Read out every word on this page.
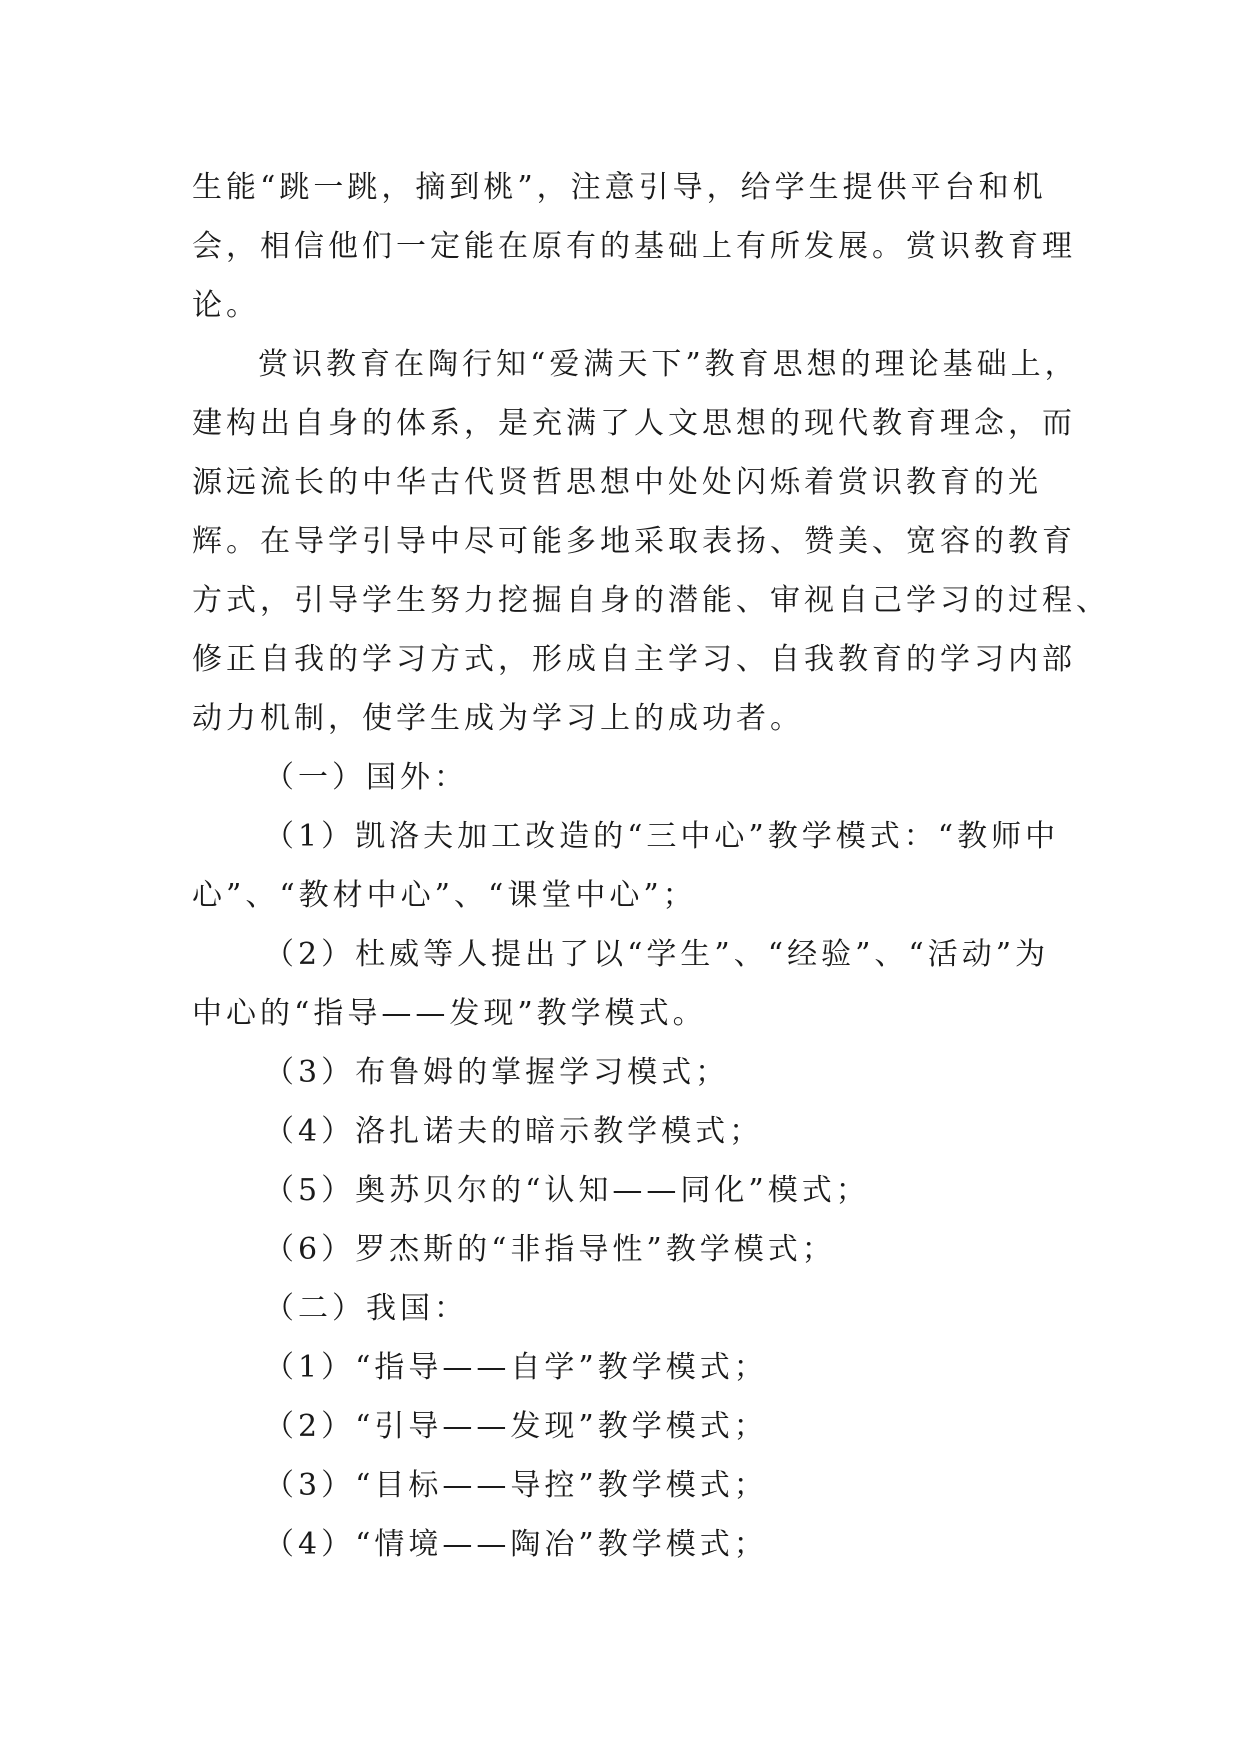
生能“跳一跳，摘到桃”，注意引导，给学生提供平台和机
会，相信他们一定能在原有的基础上有所发展。赏识教育理
论。
赏识教育在陶行知“爱满天下”教育思想的理论基础上，
建构出自身的体系，是充满了人文思想的现代教育理念，而
源远流长的中华古代贤哲思想中处处闪烁着赏识教育的光
辉。在导学引导中尽可能多地采取表扬、赞美、宽容的教育
方式，引导学生努力挖掘自身的潜能、审视自己学习的过程、
修正自我的学习方式，形成自主学习、自我教育的学习内部
动力机制，使学生成为学习上的成功者。
（一）国外：
（1）凯洛夫加工改造的“三中心”教学模式：“教师中
心”、“教材中心”、“课堂中心”；
（2）杜威等人提出了以“学生”、“经验”、“活动”为
中心的“指导——发现”教学模式。
（3）布鲁姆的掌握学习模式；
（4）洛扎诺夫的暗示教学模式；
（5）奥苏贝尔的“认知——同化”模式；
（6）罗杰斯的“非指导性”教学模式；
（二）我国：
（1）“指导——自学”教学模式；
（2）“引导——发现”教学模式；
（3）“目标——导控”教学模式；
（4）“情境——陶冶”教学模式；
